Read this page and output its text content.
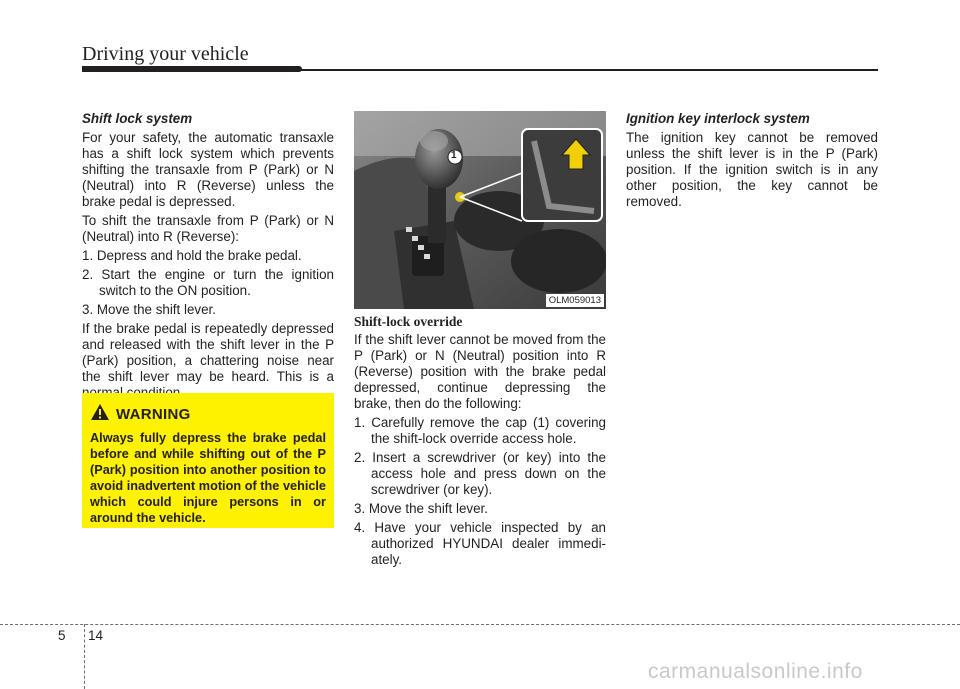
Driving your vehicle
Shift lock system

For your safety, the automatic transaxle has a shift lock system which prevents shifting the transaxle from P (Park) or N (Neutral) into R (Reverse) unless the brake pedal is depressed.

To shift the transaxle from P (Park) or N (Neutral) into R (Reverse):

1. Depress and hold the brake pedal.
2. Start the engine or turn the ignition switch to the ON position.
3. Move the shift lever.

If the brake pedal is repeatedly depressed and released with the shift lever in the P (Park) position, a chattering noise near the shift lever may be heard. This is a

WARNING
Always fully depress the brake pedal before and while shifting out of the P (Park) position into another position to avoid inadvertent motion of the vehicle which could injure persons in or around the vehicle.
1
OLM059013
Shift-lock override

If the shift lever cannot be moved from the P (Park) or N (Neutral) position into R (Reverse) position with the brake pedal depressed, continue depressing the brake, then do the following:

1. Carefully remove the cap (1) covering the shift-lock override access hole.
2. Insert a screwdriver (or key) into the access hole and press down on the screwdriver (or key).
3. Move the shift lever.
4. Have your vehicle inspected by an authorized HYUNDAI dealer immedi-ately.
Ignition key interlock system

The ignition key cannot be removed unless the shift lever is in the P (Park) position. If the ignition switch is in any other position, the key cannot be removed.

5 14
carmanualsonline.info
